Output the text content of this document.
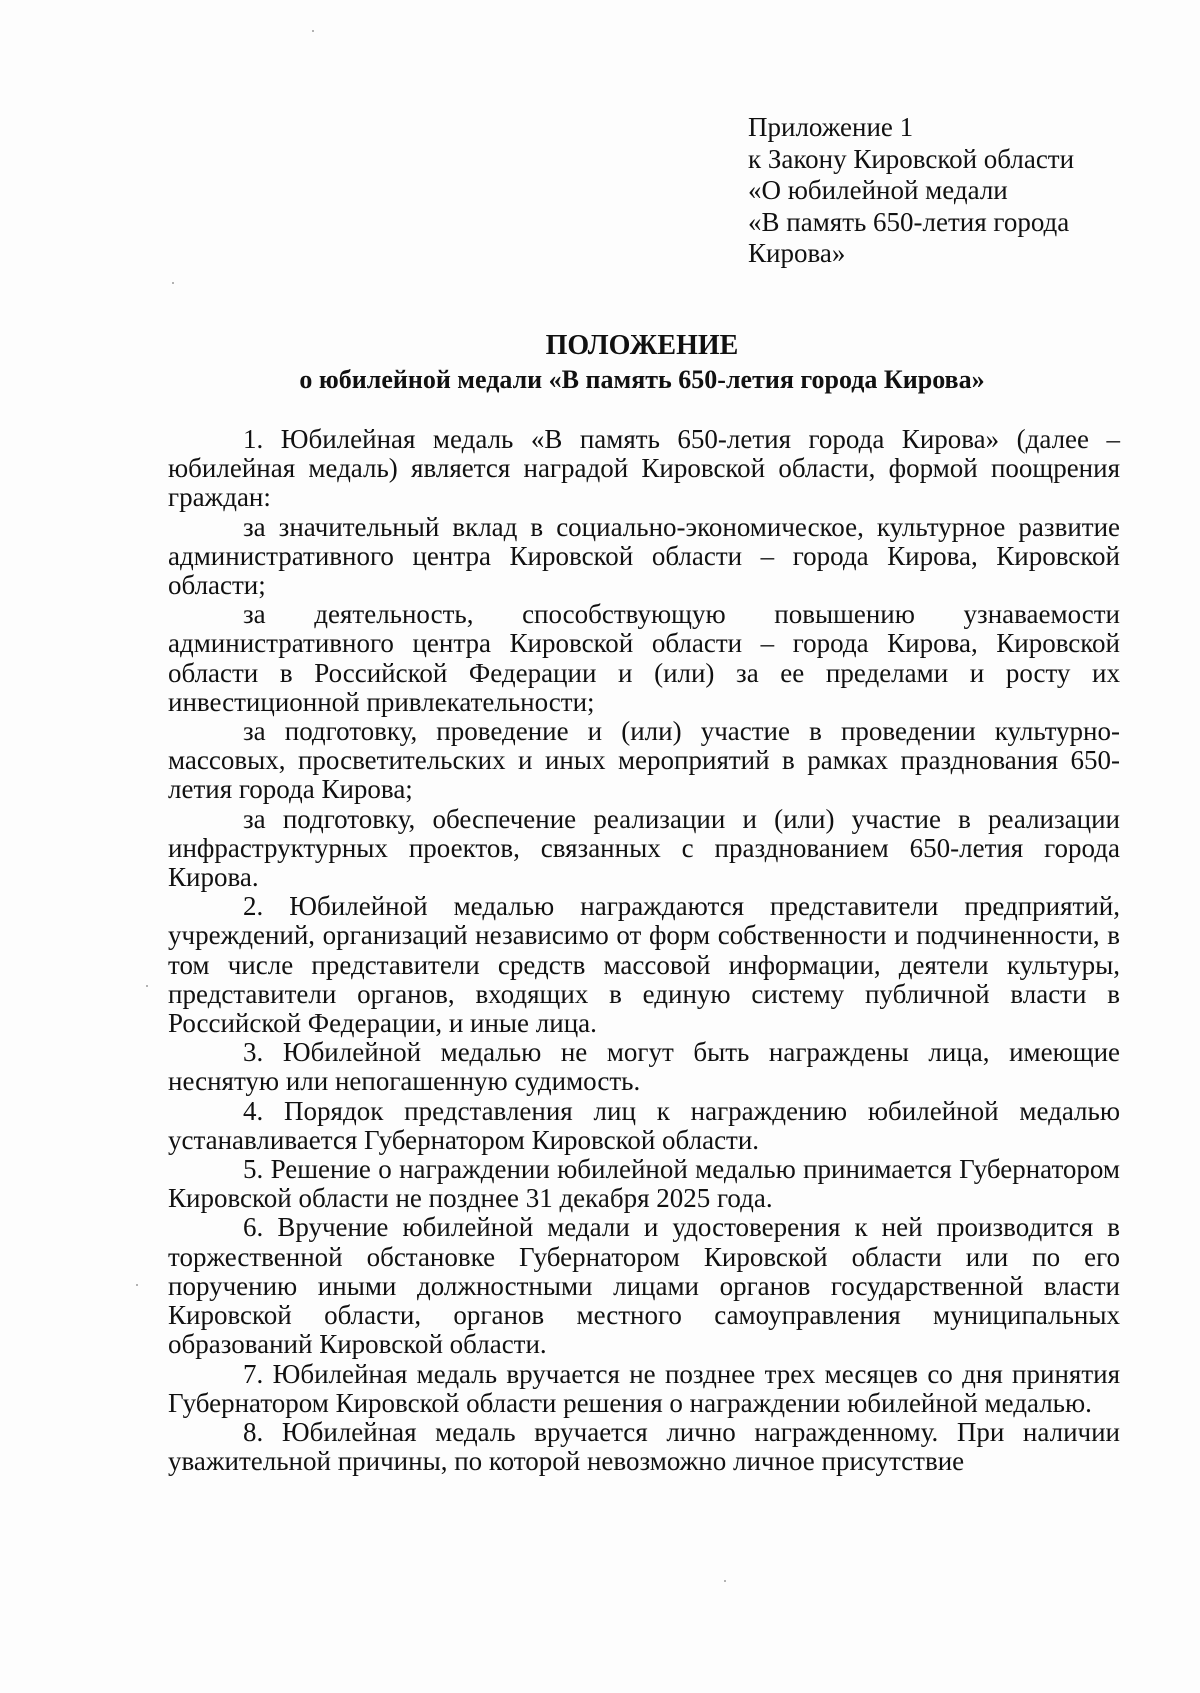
Приложение 1
к Закону Кировской области
«О юбилейной медали
«В память 650-летия города
Кирова»
ПОЛОЖЕНИЕ
о юбилейной медали «В память 650-летия города Кирова»

1. Юбилейная медаль «В память 650-летия города Кирова» (далее – юбилейная медаль) является наградой Кировской области, формой поощрения граждан:

за значительный вклад в социально-экономическое, культурное развитие административного центра Кировской области – города Кирова, Кировской области;

за деятельность, способствующую повышению узнаваемости административного центра Кировской области – города Кирова, Кировской области в Российской Федерации и (или) за ее пределами и росту их инвестиционной привлекательности;

за подготовку, проведение и (или) участие в проведении культурно-массовых, просветительских и иных мероприятий в рамках празднования 650-летия города Кирова;

за подготовку, обеспечение реализации и (или) участие в реализации инфраструктурных проектов, связанных с празднованием 650-летия города Кирова.

2. Юбилейной медалью награждаются представители предприятий, учреждений, организаций независимо от форм собственности и подчиненности, в том числе представители средств массовой информации, деятели культуры, представители органов, входящих в единую систему публичной власти в Российской Федерации, и иные лица.

3. Юбилейной медалью не могут быть награждены лица, имеющие неснятую или непогашенную судимость.

4. Порядок представления лиц к награждению юбилейной медалью устанавливается Губернатором Кировской области.

5. Решение о награждении юбилейной медалью принимается Губернатором Кировской области не позднее 31 декабря 2025 года.

6. Вручение юбилейной медали и удостоверения к ней производится в торжественной обстановке Губернатором Кировской области или по его поручению иными должностными лицами органов государственной власти Кировской области, органов местного самоуправления муниципальных образований Кировской области.

7. Юбилейная медаль вручается не позднее трех месяцев со дня принятия Губернатором Кировской области решения о награждении юбилейной медалью.

8. Юбилейная медаль вручается лично награжденному. При наличии уважительной причины, по которой невозможно личное присутствие
